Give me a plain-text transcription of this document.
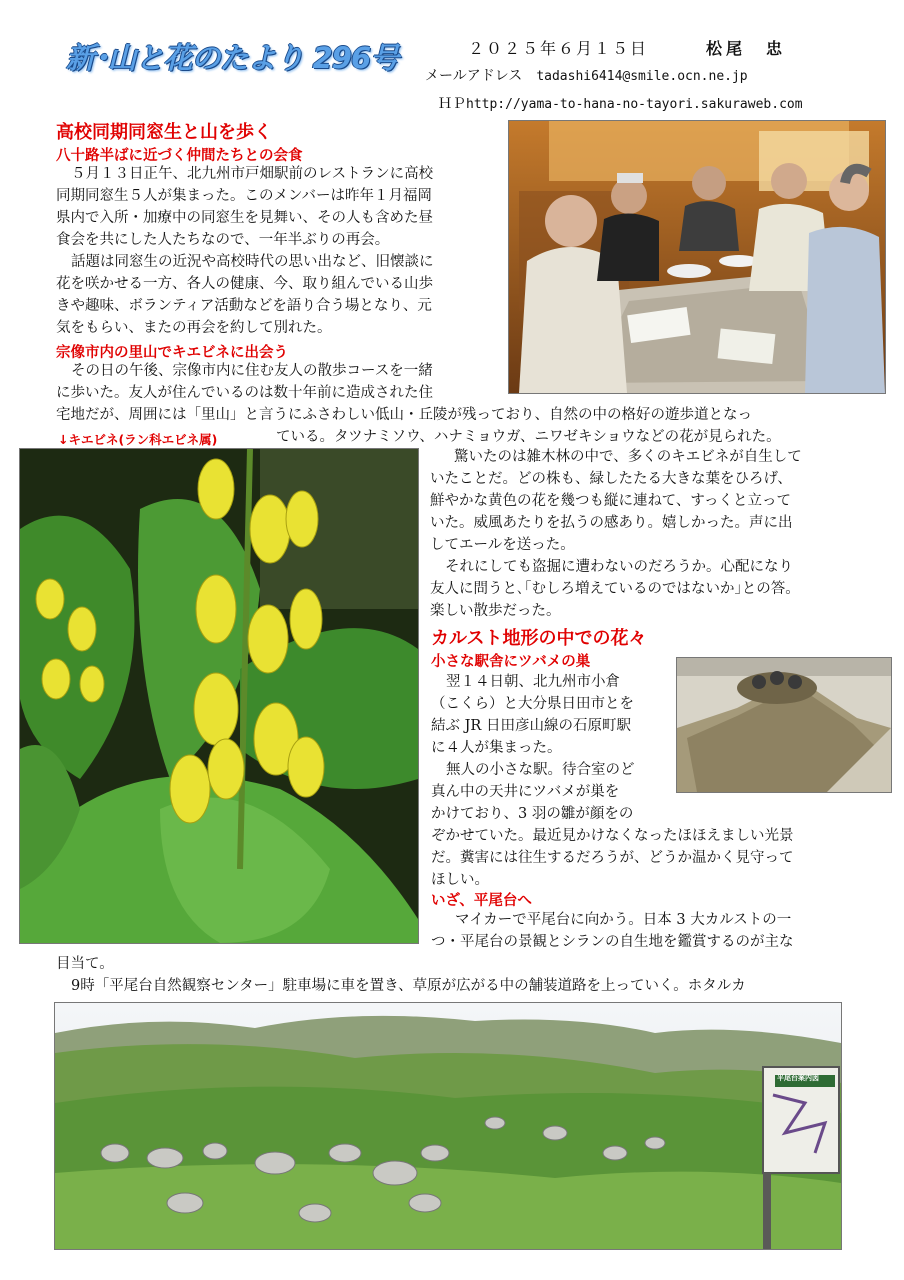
新･山と花のたより 296号	２０２５年６月１５日	松尾　忠
メールアドレス tadashi6414@smile.ocn.ne.jp
ＨＰhttp://yama-to-hana-no-tayori.sakuraweb.com
高校同期同窓生と山を歩く
八十路半ばに近づく仲間たちとの会食
５月１３日正午、北九州市戸畑駅前のレストランに高校
同期同窓生５人が集まった。このメンバーは昨年１月福岡
県内で入所・加療中の同窓生を見舞い、その人も含めた昼
食会を共にした人たちなので、一年半ぶりの再会。
話題は同窓生の近況や高校時代の思い出など、旧懐談に
花を咲かせる一方、各人の健康、今、取り組んでいる山歩
きや趣味、ボランティア活動などを語り合う場となり、元
気をもらい、またの再会を約して別れた。
宗像市内の里山でキエビネに出会う
その日の午後、宗像市内に住む友人の散歩コースを一緒
に歩いた。友人が住んでいるのは数十年前に造成された住
宅地だが、周囲には「里山」と言うにふさわしい低山・丘陵が残っており、自然の中の格好の遊歩道となっ
↓キエビネ(ラン科エビネ属)	ている。タツナミソウ、ハナミョウガ、ニワゼキショウなどの花が見られた。
驚いたのは雑木林の中で、多くのキエビネが自生して
いたことだ。どの株も、緑したたる大きな葉をひろげ、
鮮やかな黄色の花を幾つも縦に連ねて、すっくと立って
いた。威風あたりを払うの感あり。嬉しかった。声に出
してエールを送った。
それにしても盗掘に遭わないのだろうか。心配になり
友人に問うと､｢むしろ増えているのではないか｣との答。
楽しい散歩だった。
カルスト地形の中での花々
小さな駅舎にツバメの巣
翌１４日朝、北九州市小倉
（こくら）と大分県日田市とを
結ぶ JR 日田彦山線の石原町駅
に４人が集まった。
無人の小さな駅。待合室のど
真ん中の天井にツバメが巣を
かけており、3 羽の雛が顔をの
ぞかせていた。最近見かけなくなったほほえましい光景
だ。糞害には往生するだろうが、どうか温かく見守って
ほしい。
いざ、平尾台へ
マイカーで平尾台に向かう。日本 3 大カルストの一
つ・平尾台の景観とシランの自生地を鑑賞するのが主な
目当て。
9時「平尾台自然観察センター」駐車場に車を置き、草原が広がる中の舗装道路を上っていく。ホタルカ
平尾台案内図
